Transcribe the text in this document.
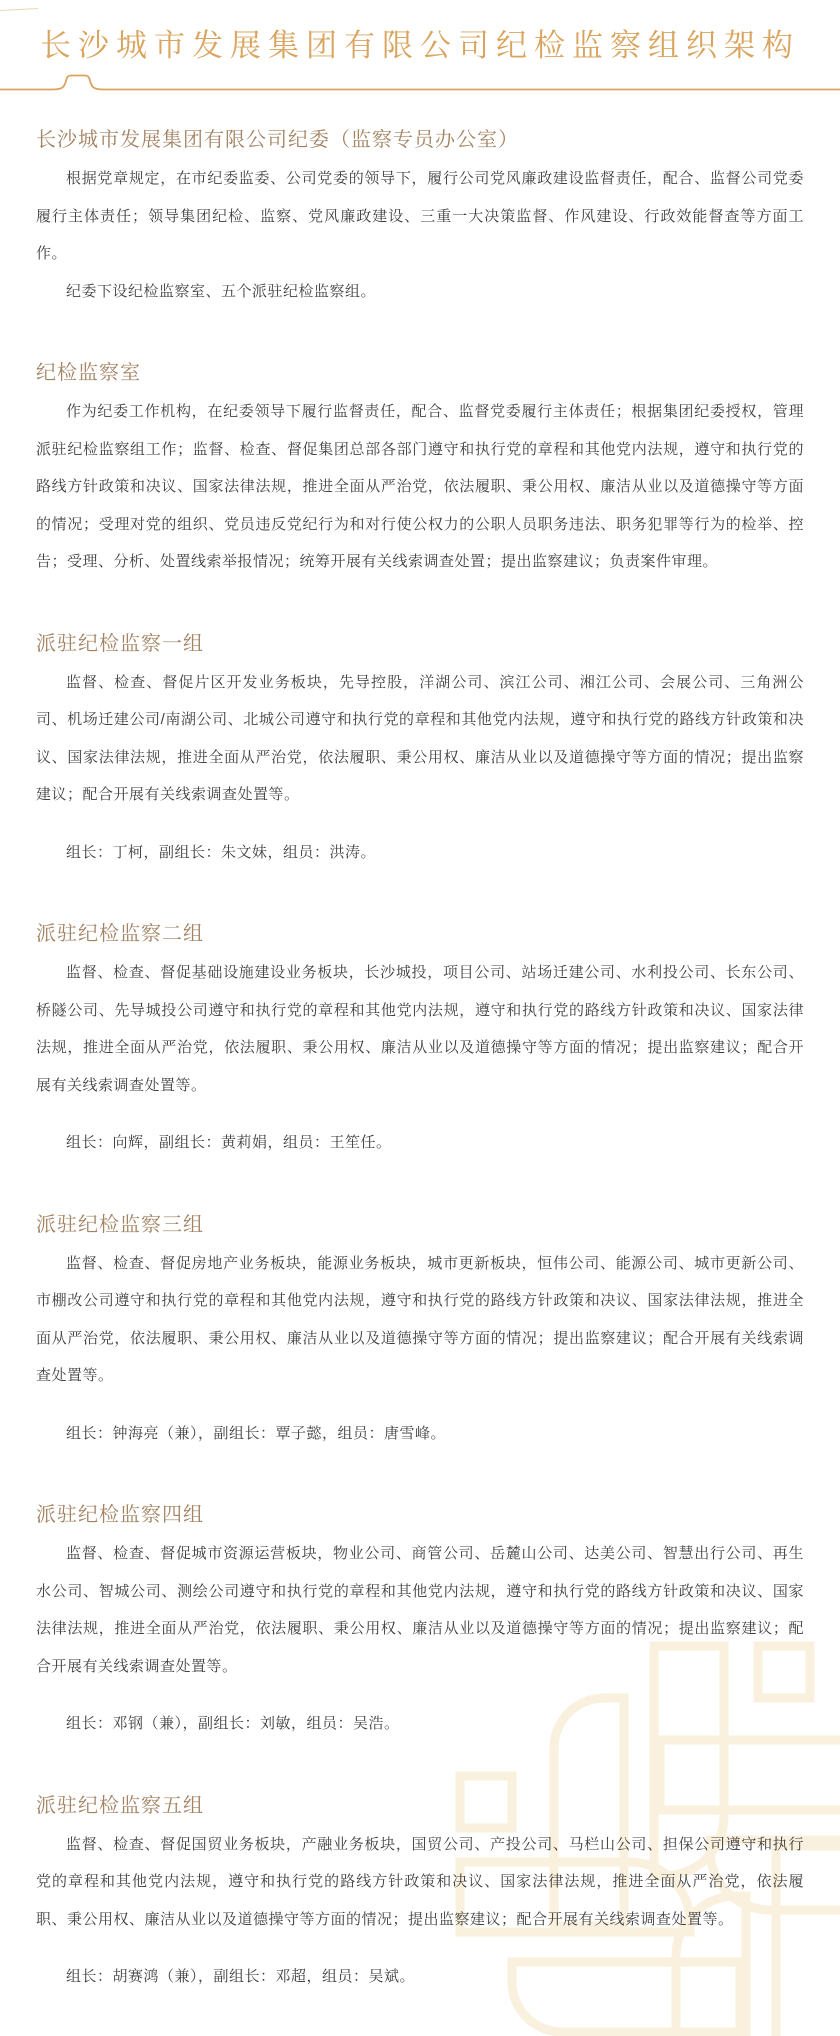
长沙城市发展集团有限公司纪检监察组织架构
长沙城市发展集团有限公司纪委（监察专员办公室）

根据党章规定，在市纪委监委、公司党委的领导下，履行公司党风廉政建设监督责任，配合、监督公司党委履行主体责任；领导集团纪检、监察、党风廉政建设、三重一大决策监督、作风建设、行政效能督查等方面工作。

纪委下设纪检监察室、五个派驻纪检监察组。

纪检监察室

作为纪委工作机构，在纪委领导下履行监督责任，配合、监督党委履行主体责任；根据集团纪委授权，管理派驻纪检监察组工作；监督、检查、督促集团总部各部门遵守和执行党的章程和其他党内法规，遵守和执行党的路线方针政策和决议、国家法律法规，推进全面从严治党，依法履职、秉公用权、廉洁从业以及道德操守等方面的情况；受理对党的组织、党员违反党纪行为和对行使公权力的公职人员职务违法、职务犯罪等行为的检举、控告；受理、分析、处置线索举报情况；统筹开展有关线索调查处置；提出监察建议；负责案件审理。

派驻纪检监察一组

监督、检查、督促片区开发业务板块，先导控股，洋湖公司、滨江公司、湘江公司、会展公司、三角洲公司、机场迁建公司/南湖公司、北城公司遵守和执行党的章程和其他党内法规，遵守和执行党的路线方针政策和决议、国家法律法规，推进全面从严治党，依法履职、秉公用权、廉洁从业以及道德操守等方面的情况；提出监察建议；配合开展有关线索调查处置等。

组长：丁柯，副组长：朱文妹，组员：洪涛。

派驻纪检监察二组

监督、检查、督促基础设施建设业务板块，长沙城投，项目公司、站场迁建公司、水利投公司、长东公司、桥隧公司、先导城投公司遵守和执行党的章程和其他党内法规，遵守和执行党的路线方针政策和决议、国家法律法规，推进全面从严治党，依法履职、秉公用权、廉洁从业以及道德操守等方面的情况；提出监察建议；配合开展有关线索调查处置等。

组长：向辉，副组长：黄莉娟，组员：王笙任。

派驻纪检监察三组

监督、检查、督促房地产业务板块，能源业务板块，城市更新板块，恒伟公司、能源公司、城市更新公司、市棚改公司遵守和执行党的章程和其他党内法规，遵守和执行党的路线方针政策和决议、国家法律法规，推进全面从严治党，依法履职、秉公用权、廉洁从业以及道德操守等方面的情况；提出监察建议；配合开展有关线索调查处置等。

组长：钟海亮（兼），副组长：覃子懿，组员：唐雪峰。

派驻纪检监察四组

监督、检查、督促城市资源运营板块，物业公司、商管公司、岳麓山公司、达美公司、智慧出行公司、再生水公司、智城公司、测绘公司遵守和执行党的章程和其他党内法规，遵守和执行党的路线方针政策和决议、国家法律法规，推进全面从严治党，依法履职、秉公用权、廉洁从业以及道德操守等方面的情况；提出监察建议；配合开展有关线索调查处置等。

组长：邓钢（兼），副组长：刘敏，组员：吴浩。

派驻纪检监察五组

监督、检查、督促国贸业务板块，产融业务板块，国贸公司、产投公司、马栏山公司、担保公司遵守和执行党的章程和其他党内法规，遵守和执行党的路线方针政策和决议、国家法律法规，推进全面从严治党，依法履职、秉公用权、廉洁从业以及道德操守等方面的情况；提出监察建议；配合开展有关线索调查处置等。

组长：胡赛鸿（兼），副组长：邓超，组员：吴斌。
